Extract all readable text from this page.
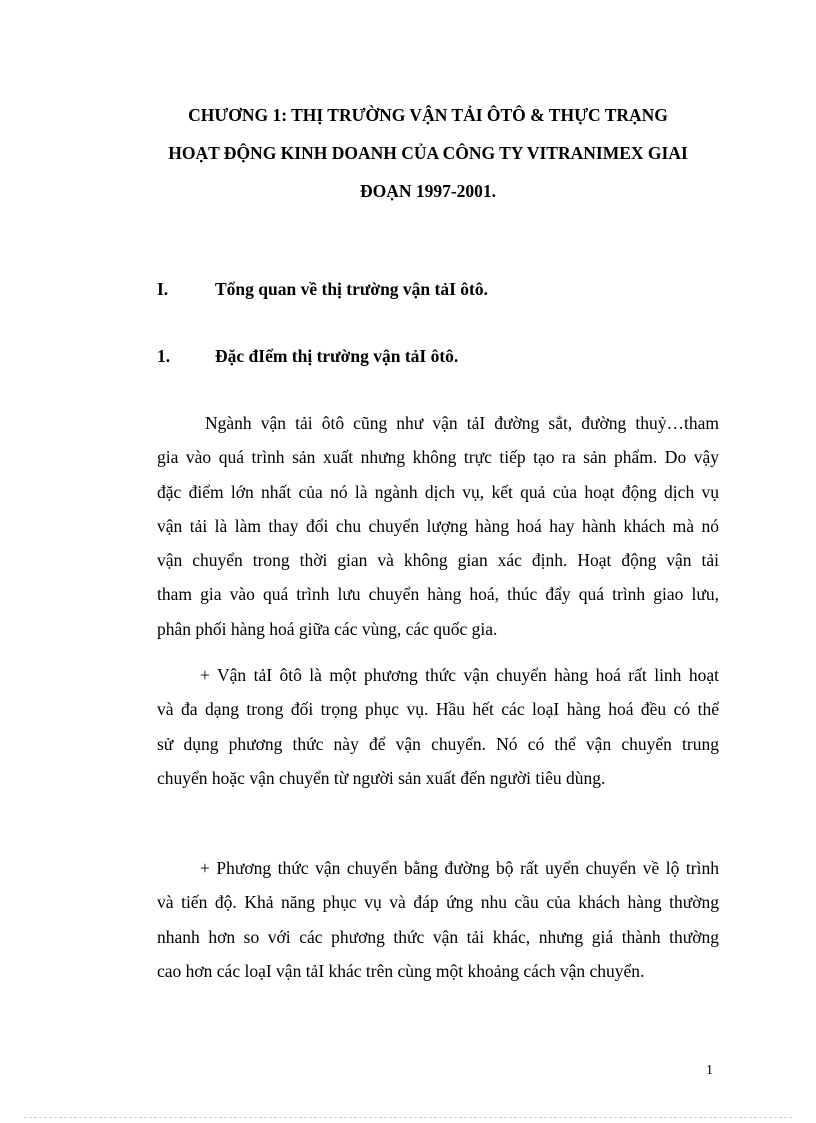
CHƯƠNG 1: THỊ TRƯỜNG VẬN TẢI ÔTÔ & THỰC TRẠNG
HOẠT ĐỘNG KINH DOANH CỦA CÔNG TY VITRANIMEX GIAI
ĐOẠN 1997-2001.
I.	Tổng quan về thị trường vận tảI ôtô.
1.	Đặc đIểm thị trường vận tảI ôtô.

Ngành vận tải ôtô cũng như vận tảI đường sắt, đường thuỷ…tham
gia vào quá trình sản xuất nhưng không trực tiếp tạo ra sản phẩm. Do vậy
đặc điểm lớn nhất của nó là ngành dịch vụ, kết quả của hoạt động dịch vụ
vận tải là làm thay đổi chu chuyển lượng hàng hoá hay hành khách mà nó
vận chuyển trong thời gian và không gian xác định. Hoạt động vận tải
tham gia vào quá trình lưu chuyển hàng hoá, thúc đẩy quá trình giao lưu,
phân phối hàng hoá giữa các vùng, các quốc gia.

+ Vận tảI ôtô là một phương thức vận chuyển hàng hoá rất linh hoạt
và đa dạng trong đối trọng phục vụ. Hầu hết các loạI hàng hoá đều có thể
sử dụng phương thức này để vận chuyển. Nó có thể vận chuyển trung
chuyển hoặc vận chuyển từ người sản xuất đến người tiêu dùng.

+ Phương thức vận chuyển bằng đường bộ rất uyển chuyển về lộ trình
và tiến độ. Khả năng phục vụ và đáp ứng nhu cầu của khách hàng thường
nhanh hơn so với các phương thức vận tải khác, nhưng giá thành thường
cao hơn các loạI vận tảI khác trên cùng một khoảng cách vận chuyển.

1
